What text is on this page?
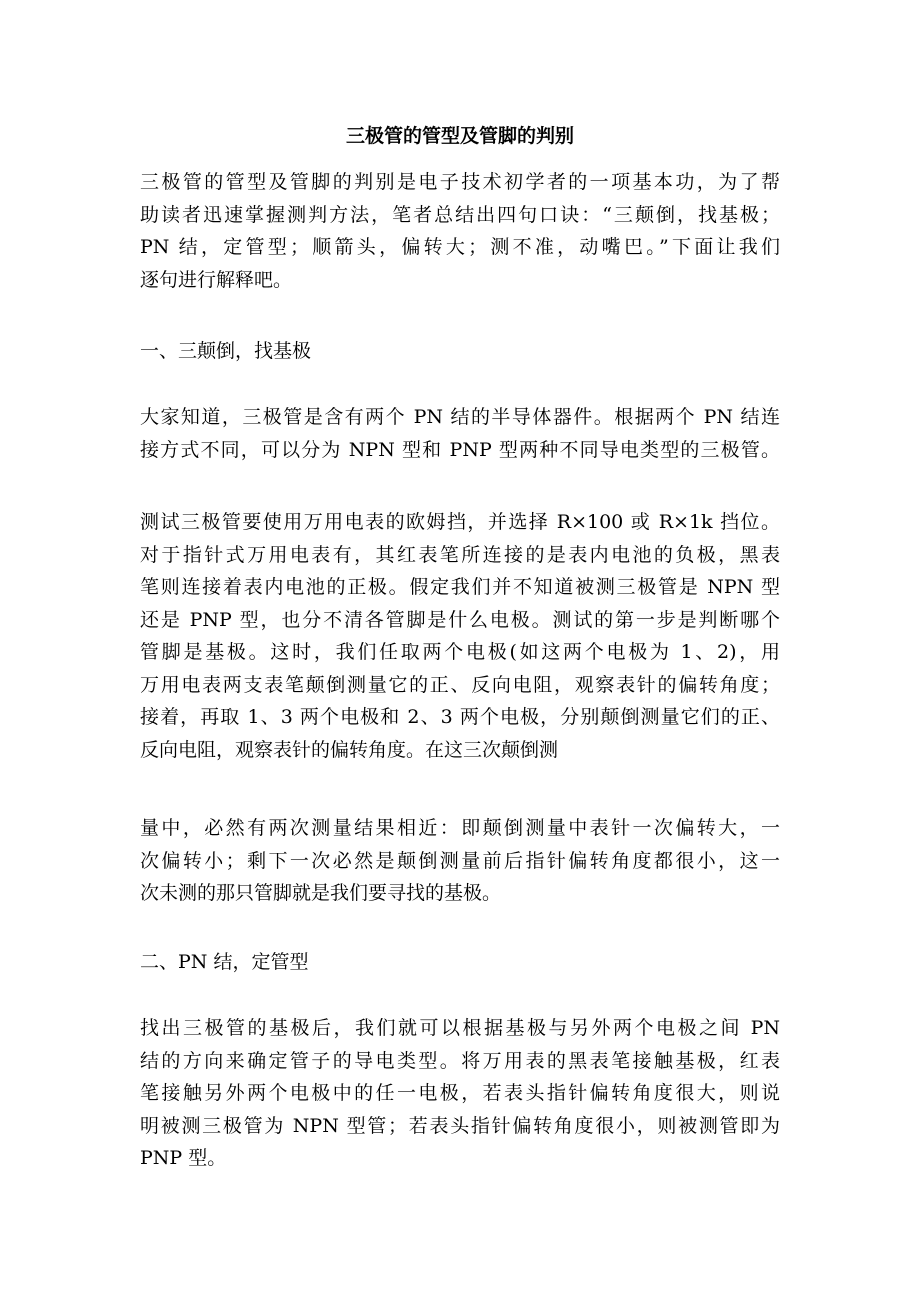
三极管的管型及管脚的判别
三极管的管型及管脚的判别是电子技术初学者的一项基本功，为了帮
助读者迅速掌握测判方法，笔者总结出四句口诀：“三颠倒，找基极；
PN 结，定管型；顺箭头，偏转大；测不准，动嘴巴。”下面让我们
逐句进行解释吧。
一、三颠倒，找基极
大家知道，三极管是含有两个 PN 结的半导体器件。根据两个 PN 结连
接方式不同，可以分为 NPN 型和 PNP 型两种不同导电类型的三极管。
测试三极管要使用万用电表的欧姆挡，并选择 R×100 或 R×1k 挡位。
对于指针式万用电表有，其红表笔所连接的是表内电池的负极，黑表
笔则连接着表内电池的正极。假定我们并不知道被测三极管是 NPN 型
还是 PNP 型，也分不清各管脚是什么电极。测试的第一步是判断哪个
管脚是基极。这时，我们任取两个电极(如这两个电极为 1、2)，用
万用电表两支表笔颠倒测量它的正、反向电阻，观察表针的偏转角度；
接着，再取 1、3 两个电极和 2、3 两个电极，分别颠倒测量它们的正、
反向电阻，观察表针的偏转角度。在这三次颠倒测
量中，必然有两次测量结果相近：即颠倒测量中表针一次偏转大，一
次偏转小；剩下一次必然是颠倒测量前后指针偏转角度都很小，这一
次未测的那只管脚就是我们要寻找的基极。
二、PN 结，定管型
找出三极管的基极后，我们就可以根据基极与另外两个电极之间 PN
结的方向来确定管子的导电类型。将万用表的黑表笔接触基极，红表
笔接触另外两个电极中的任一电极，若表头指针偏转角度很大，则说
明被测三极管为 NPN 型管；若表头指针偏转角度很小，则被测管即为
PNP 型。
